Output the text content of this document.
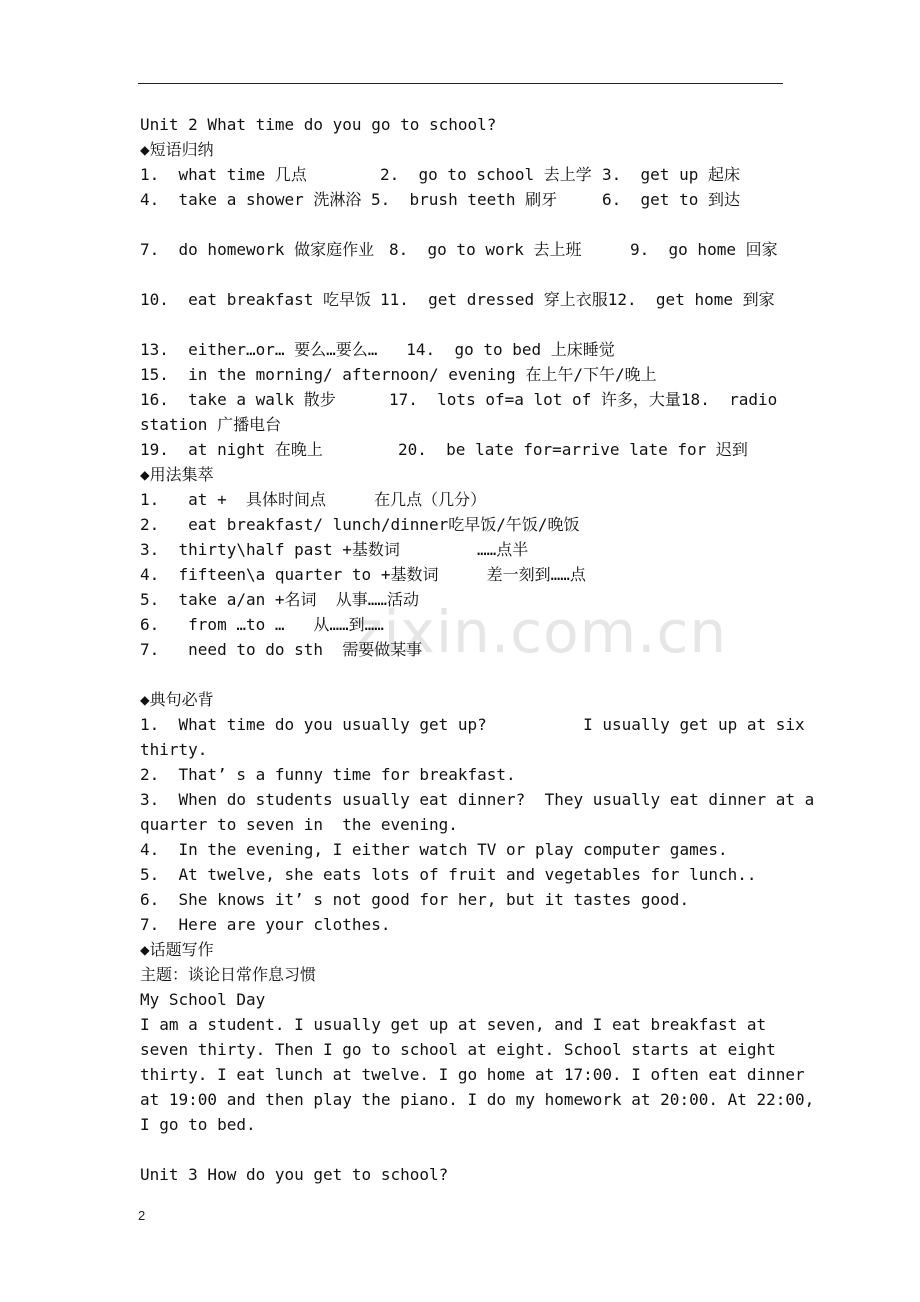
zixin.com.cn
Unit 2 What time do you go to school?
◆短语归纳
1.  what time 几点	2.  go to school 去上学 3.  get up 起床
4.  take a shower 洗淋浴 5.  brush teeth 刷牙	6.  get to 到达
7.  do homework 做家庭作业 8.  go to work 去上班	9.  go home 回家
10.  eat breakfast 吃早饭 11.  get dressed 穿上衣服12.  get home 到家
13.  either…or… 要么…要么…   14.  go to bed 上床睡觉
15.  in the morning/ afternoon/ evening 在上午/下午/晚上
16.  take a walk 散步	17.  lots of=a lot of 许多，大量18.  radio
station 广播电台
19.  at night 在晚上	20.  be late for=arrive late for 迟到
◆用法集萃
1.   at +  具体时间点     在几点（几分）
2.   eat breakfast/ lunch/dinner吃早饭/午饭/晚饭
3.  thirty\half past +基数词        ……点半
4.  fifteen\a quarter to +基数词     差一刻到……点
5.  take a/an +名词  从事……活动
6.   from …to …   从……到……
7.   need to do sth  需要做某事
◆典句必背
1.  What time do you usually get up?          I usually get up at six
thirty.
2.  That’ s a funny time for breakfast.
3.  When do students usually eat dinner?  They usually eat dinner at a
quarter to seven in  the evening.
4.  In the evening, I either watch TV or play computer games.
5.  At twelve, she eats lots of fruit and vegetables for lunch..
6.  She knows it’ s not good for her, but it tastes good.
7.  Here are your clothes.
◆话题写作
主题：谈论日常作息习惯
My School Day
I am a student. I usually get up at seven, and I eat breakfast at
seven thirty. Then I go to school at eight. School starts at eight
thirty. I eat lunch at twelve. I go home at 17:00. I often eat dinner
at 19:00 and then play the piano. I do my homework at 20:00. At 22:00,
I go to bed.
Unit 3 How do you get to school?
2
